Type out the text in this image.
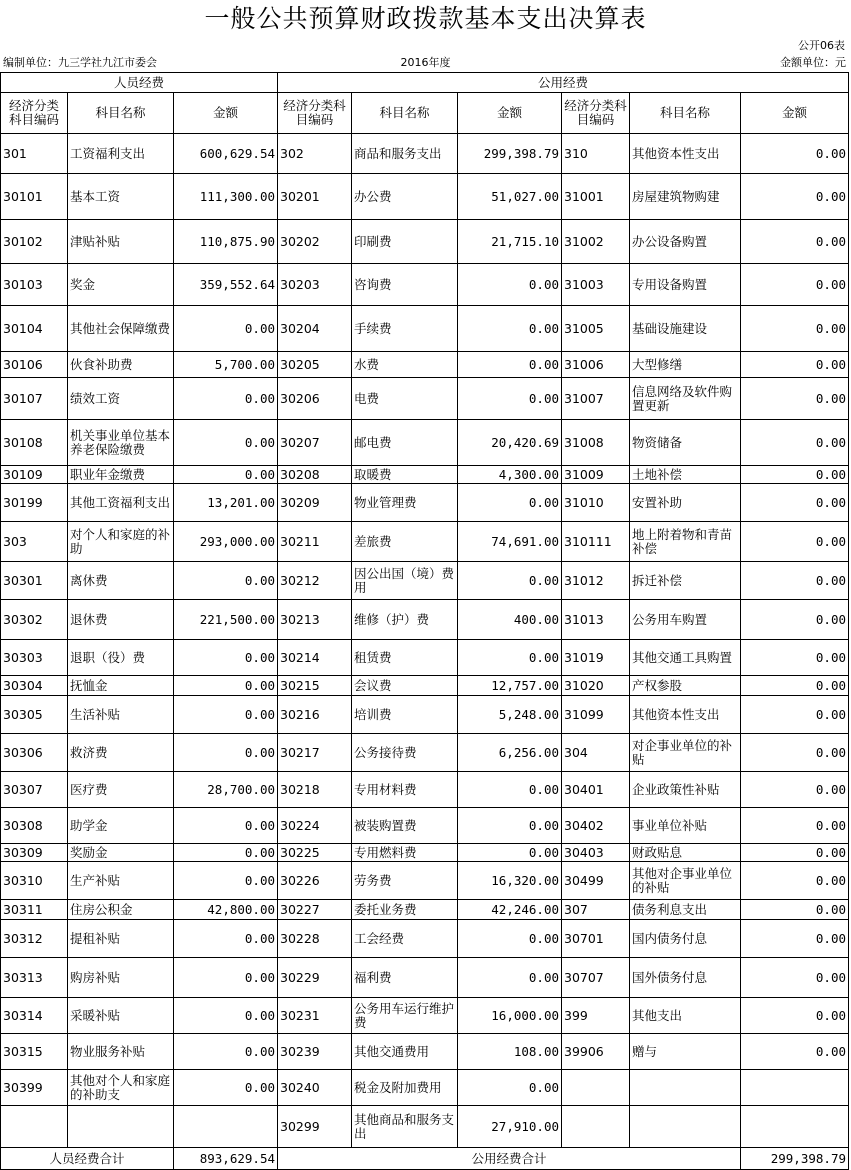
一般公共预算财政拨款基本支出决算表
公开06表
编制单位：九三学社九江市委会	2016年度	金额单位：元
人员经费			公用经费					
经济分类科目编码	科目名称	金额	经济分类科目编码	科目名称	金额	经济分类科目编码	科目名称	金额
301	工资福利支出	600,629.54	302	商品和服务支出	299,398.79	310	其他资本性支出	0.00
30101	基本工资	111,300.00	30201	办公费	51,027.00	31001	房屋建筑物购建	0.00
30102	津贴补贴	110,875.90	30202	印刷费	21,715.10	31002	办公设备购置	0.00
30103	奖金	359,552.64	30203	咨询费	0.00	31003	专用设备购置	0.00
30104	其他社会保障缴费	0.00	30204	手续费	0.00	31005	基础设施建设	0.00
30106	伙食补助费	5,700.00	30205	水费	0.00	31006	大型修缮	0.00
30107	绩效工资	0.00	30206	电费	0.00	31007	信息网络及软件购置更新	0.00
30108	机关事业单位基本养老保险缴费	0.00	30207	邮电费	20,420.69	31008	物资储备	0.00
30109	职业年金缴费	0.00	30208	取暖费	4,300.00	31009	土地补偿	0.00
30199	其他工资福利支出	13,201.00	30209	物业管理费	0.00	31010	安置补助	0.00
303	对个人和家庭的补助	293,000.00	30211	差旅费	74,691.00	310111	地上附着物和青苗补偿	0.00
30301	离休费	0.00	30212	因公出国（境）费用	0.00	31012	拆迁补偿	0.00
30302	退休费	221,500.00	30213	维修（护）费	400.00	31013	公务用车购置	0.00
30303	退职（役）费	0.00	30214	租赁费	0.00	31019	其他交通工具购置	0.00
30304	抚恤金	0.00	30215	会议费	12,757.00	31020	产权参股	0.00
30305	生活补贴	0.00	30216	培训费	5,248.00	31099	其他资本性支出	0.00
30306	救济费	0.00	30217	公务接待费	6,256.00	304	对企事业单位的补贴	0.00
30307	医疗费	28,700.00	30218	专用材料费	0.00	30401	企业政策性补贴	0.00
30308	助学金	0.00	30224	被装购置费	0.00	30402	事业单位补贴	0.00
30309	奖励金	0.00	30225	专用燃料费	0.00	30403	财政贴息	0.00
30310	生产补贴	0.00	30226	劳务费	16,320.00	30499	其他对企事业单位的补贴	0.00
30311	住房公积金	42,800.00	30227	委托业务费	42,246.00	307	债务利息支出	0.00
30312	提租补贴	0.00	30228	工会经费	0.00	30701	国内债务付息	0.00
30313	购房补贴	0.00	30229	福利费	0.00	30707	国外债务付息	0.00
30314	采暖补贴	0.00	30231	公务用车运行维护费	16,000.00	399	其他支出	0.00
30315	物业服务补贴	0.00	30239	其他交通费用	108.00	39906	赠与	0.00
30399	其他对个人和家庭的补助支	0.00	30240	税金及附加费用	0.00			
			30299	其他商品和服务支出	27,910.00			
人员经费合计		893,629.54	公用经费合计					299,398.79
